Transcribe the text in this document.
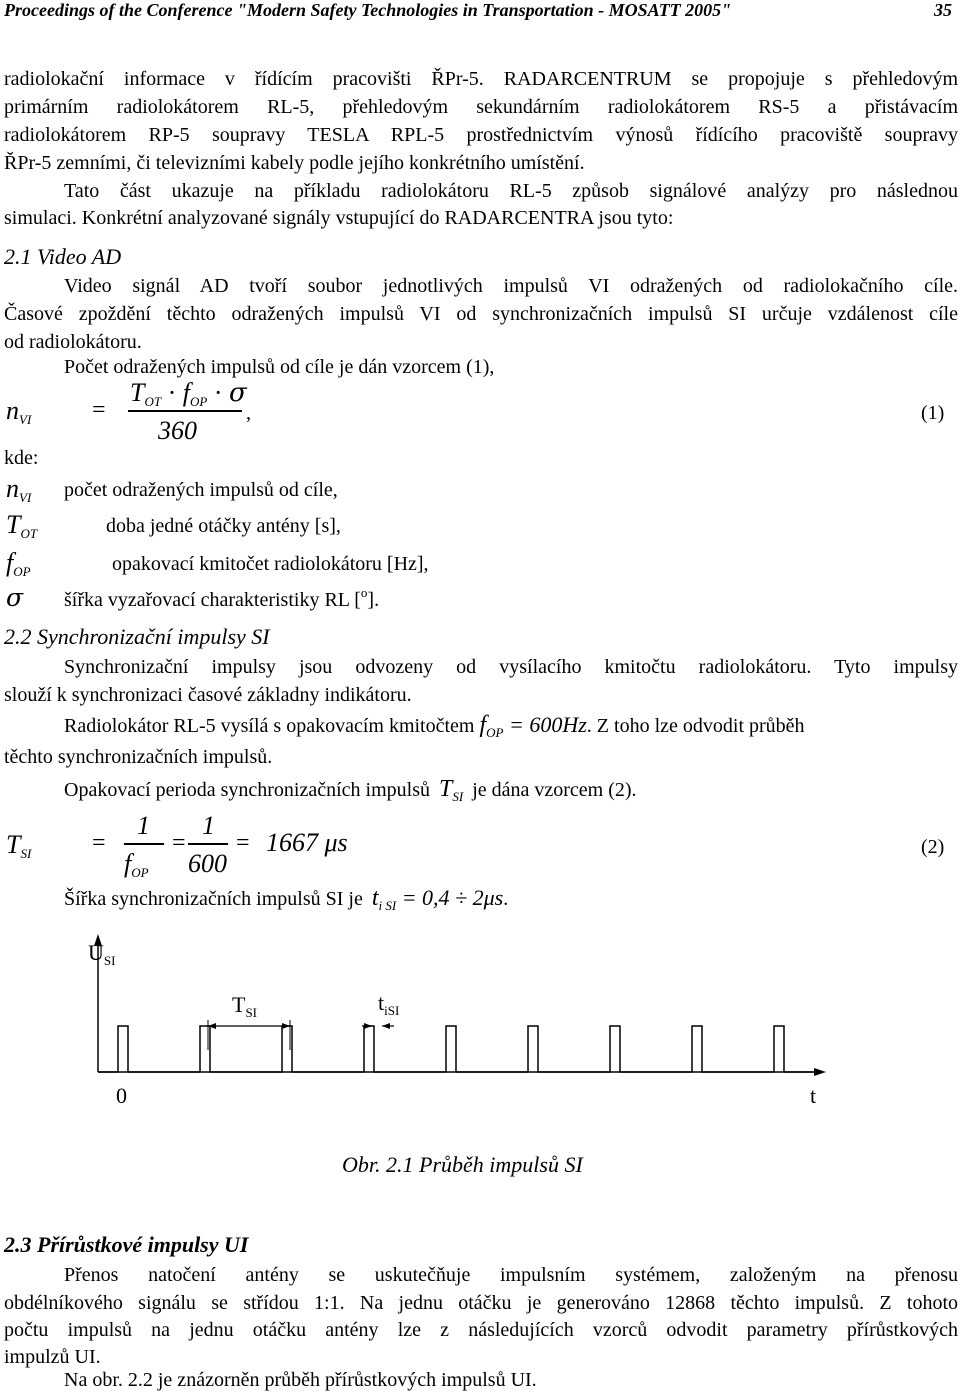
Proceedings of the Conference "Modern Safety Technologies in Transportation - MOSATT 2005"	35
radiolokační informace v řídícím pracovišti ŘPr-5. RADARCENTRUM se propojuje s přehledovým
primárním radiolokátorem RL-5, přehledovým sekundárním radiolokátorem RS-5 a přistávacím
radiolokátorem RP-5 soupravy TESLA RPL-5 prostřednictvím výnosů řídícího pracoviště soupravy
ŘPr-5 zemními, či televizními kabely podle jejího konkrétního umístění.
Tato část ukazuje na příkladu radiolokátoru RL-5 způsob signálové analýzy pro následnou
simulaci. Konkrétní analyzované signály vstupující do RADARCENTRA jsou tyto:
2.1 Video AD
Video signál AD tvoří soubor jednotlivých impulsů VI odražených od radiolokačního cíle.
Časové zpoždění těchto odražených impulsů VI od synchronizačních impulsů SI určuje vzdálenost cíle
od radiolokátoru.
Počet odražených impulsů od cíle je dán vzorcem (1),
$n_{VI}$	=
$T_{OT} \cdot f_{OP} \cdot \sigma$
360
,	(1)
kde:
$n_{VI}$ počet odražených impulsů od cíle,
$T_{OT}$	doba jedné otáčky antény [s],
$f_{OP}$	opakovací kmitočet radiolokátoru [Hz],
σ šířka vyzařovací charakteristiky RL [$^o$].
2.2 Synchronizační impulsy SI
Synchronizační impulsy jsou odvozeny od vysílacího kmitočtu radiolokátoru. Tyto impulsy
slouží k synchronizaci časové základny indikátoru.
Radiolokátor RL-5 vysílá s opakovacím kmitočtem $f_{OP} = 600Hz$. Z toho lze odvodit průběh
těchto synchronizačních impulsů.
Opakovací perioda synchronizačních impulsů $T_{SI}$ je dána vzorcem (2).
$T_{SI}$	=
1
$f_{OP}$
=
1
600
= 1667 μs	(2)
Šířka synchronizačních impulsů SI je $t_{i SI} = 0,4 \div 2\mu s$.
$U_{SI}$
$T_{SI}$	$t_{iSI}$
0	t
Obr. 2.1 Průběh impulsů SI
2.3 Přírůstkové impulsy UI
Přenos natočení antény se uskutečňuje impulsním systémem, založeným na přenosu
obdélníkového signálu se střídou 1:1. Na jednu otáčku je generováno 12868 těchto impulsů. Z tohoto
počtu impulsů na jednu otáčku antény lze z následujících vzorců odvodit parametry přírůstkových
impulzů UI.
Na obr. 2.2 je znázorněn průběh přírůstkových impulsů UI.
